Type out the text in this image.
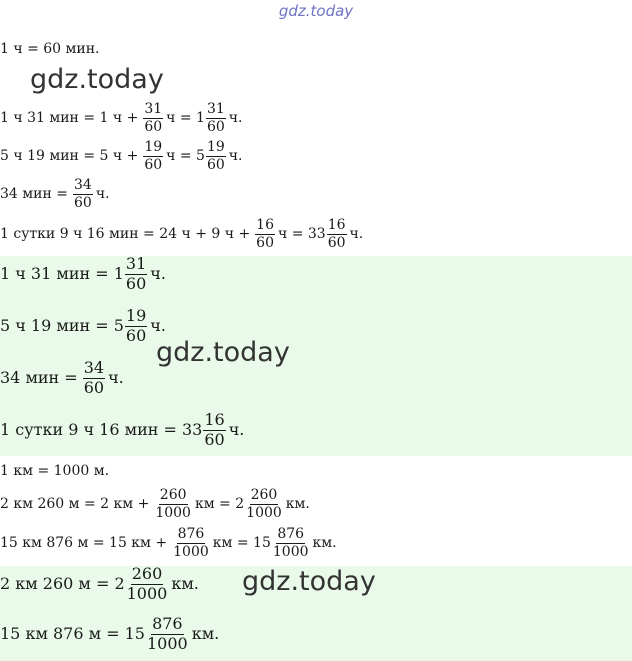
gdz.today
gdz.today
gdz.today
gdz.today
1 ч = 60 мин.
1 ч 31 мин = 1 $ч + \frac{31}{60}$ $ч = 1 \frac{31}{60} ч$.
5 ч 19 мин = 5 $ч + \frac{19}{60}$ $ч = 5 \frac{19}{60} ч$.
34 мин = $\frac{34}{60} ч$.
1 сутки 9 ч 16 мин = 24 ч + 9 $ч + \frac{16}{60}$ $ч = 33 \frac{16}{60} ч$.
1 ч 31 мин = $1 \frac{31}{60} ч$.
5 ч 19 мин = $5 \frac{19}{60} ч$.
34 мин = $\frac{34}{60} ч$.
1 сутки 9 ч 16 мин = $33 \frac{16}{60} ч$.
1 км = 1000 м.
2 км 260 м = 2 км + $\frac{260}{1000}$ км = $2 \frac{260}{1000}$ км.
15 км 876 м = 15 км + $\frac{876}{1000}$ км = $15 \frac{876}{1000}$ км.
2 км 260 $м = 2 \frac{260}{1000}$ км.
15 км 876 $м = 15 \frac{876}{1000}$ км.
